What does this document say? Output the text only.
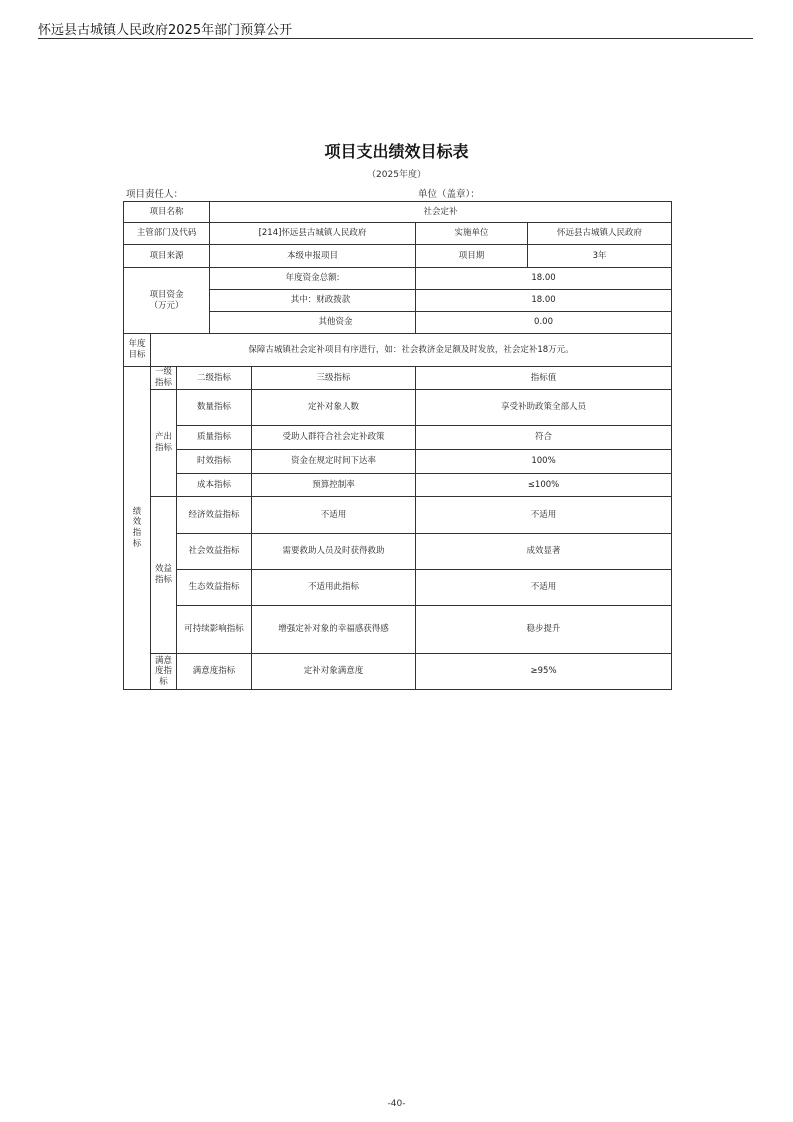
怀远县古城镇人民政府2025年部门预算公开
项目支出绩效目标表
（2025年度）
项目责任人：	单位（盖章）：
项目名称			社会定补			
主管部门及代码			[214]怀远县古城镇人民政府		实施单位	怀远县古城镇人民政府
项目来源			本级申报项目		项目期	3年

项目资金
（万元）			年度资金总额:		18.00	
			其中：财政拨款		18.00	
			其他资金		0.00	

年度
目标	保障古城镇社会定补项目有序进行，如：社会救济金足额及时发放，社会定补18万元。					

绩
效
指
标	一级指标	二级指标		三级指标	指标值	
	产出指标	数量指标		定补对象人数	享受补助政策全部人员	
		质量指标		受助人群符合社会定补政策	符合	
		时效指标		资金在规定时间下达率	100%	
		成本指标		预算控制率	≤100%	
	效益指标	经济效益指标		不适用	不适用	
		社会效益指标		需要救助人员及时获得救助	成效显著	
		生态效益指标		不适用此指标	不适用	
		可持续影响指标		增强定补对象的幸福感获得感	稳步提升	
	满意度指标	满意度指标		定补对象满意度	≥95%	
-40-
